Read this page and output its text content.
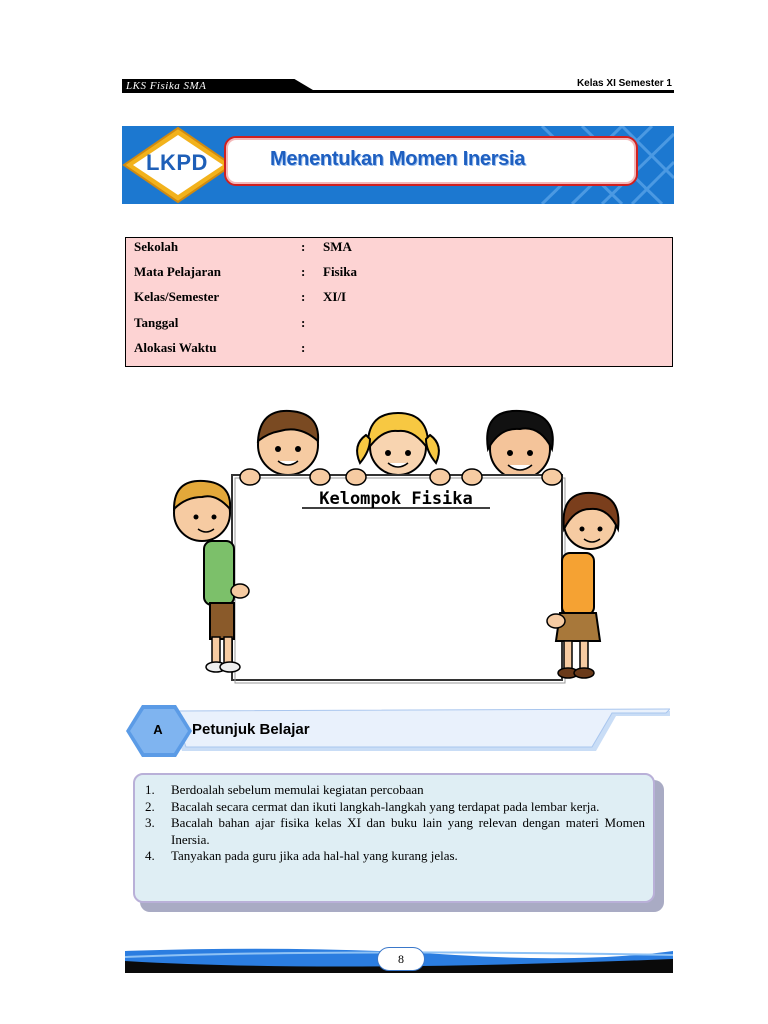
LKS Fisika SMA	Kelas XI Semester 1
LKPD	Menentukan Momen Inersia
Sekolah	: SMA
Mata Pelajaran	: Fisika
Kelas/Semester	: XI/I
Tanggal	:
Alokasi Waktu	:
Kelompok Fisika
A Petunjuk Belajar
1.	Berdoalah sebelum memulai kegiatan percobaan
2.	Bacalah secara cermat dan ikuti langkah-langkah yang terdapat pada lembar kerja.
3.	Bacalah bahan ajar fisika kelas XI dan buku lain yang relevan dengan materi Momen Inersia.
4.	Tanyakan pada guru jika ada hal-hal yang kurang jelas.
8
